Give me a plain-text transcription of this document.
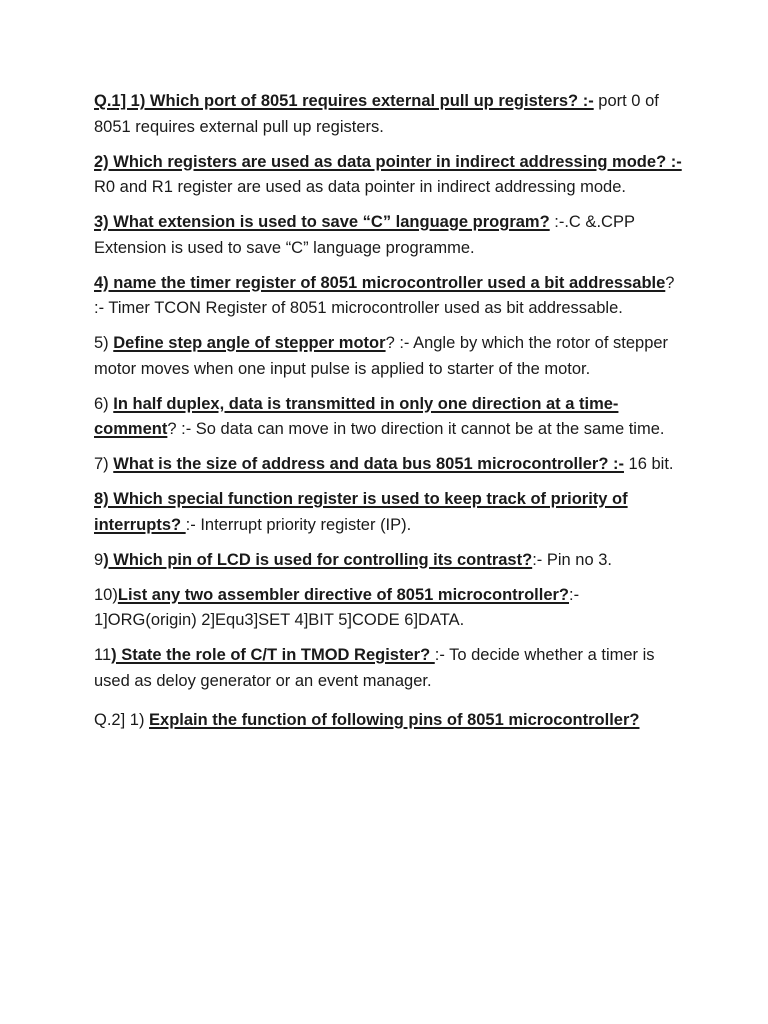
Q.1] 1) Which port of 8051 requires external pull up registers? :- port 0 of 8051 requires external pull up registers.

2) Which registers are used as data pointer in indirect addressing mode? :- R0 and R1 register are used as data pointer in indirect addressing mode.

3) What extension is used to save “C” language program? :-.C &.CPP Extension is used to save “C” language programme.

4) name the timer register of 8051 microcontroller used a bit addressable? :- Timer TCON Register of 8051 microcontroller used as bit addressable.

5) Define step angle of stepper motor? :- Angle by which the rotor of stepper motor moves when one input pulse is applied to starter of the motor.

6) In half duplex, data is transmitted in only one direction at a time-comment? :- So data can move in two direction it cannot be at the same time.

7) What is the size of address and data bus 8051 microcontroller? :- 16 bit.

8) Which special function register is used to keep track of priority of interrupts? :- Interrupt priority register (IP).

9) Which pin of LCD is used for controlling its contrast?:- Pin no 3.

10)List any two assembler directive of 8051 microcontroller?:- 1]ORG(origin) 2]Equ3]SET 4]BIT 5]CODE 6]DATA.

11) State the role of C/T in TMOD Register? :- To decide whether a timer is used as deloy generator or an event manager.

Q.2] 1) Explain the function of following pins of 8051 microcontroller?
